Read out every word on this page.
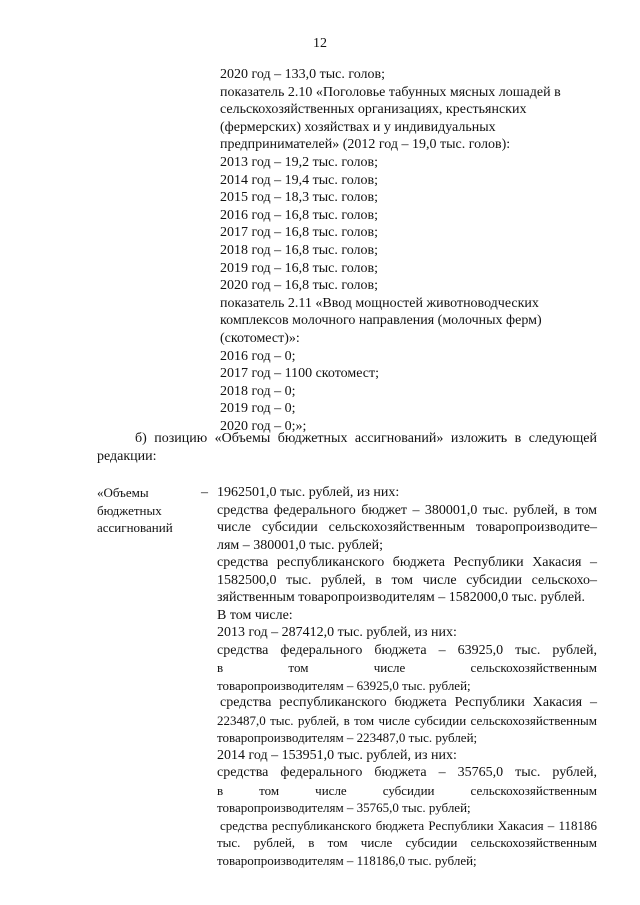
12
2020 год – 133,0 тыс. голов;
показатель 2.10 «Поголовье табунных мясных лошадей в
сельскохозяйственных организациях, крестьянских
(фермерских) хозяйствах и у индивидуальных
предпринимателей» (2012 год – 19,0 тыс. голов):
2013 год – 19,2 тыс. голов;
2014 год – 19,4 тыс. голов;
2015 год – 18,3 тыс. голов;
2016 год – 16,8 тыс. голов;
2017 год – 16,8 тыс. голов;
2018 год – 16,8 тыс. голов;
2019 год – 16,8 тыс. голов;
2020 год – 16,8 тыс. голов;
показатель 2.11 «Ввод мощностей животноводческих
комплексов молочного направления (молочных ферм)
(скотомест)»:
2016 год – 0;
2017 год – 1100 скотомест;
2018 год – 0;
2019 год – 0;
2020 год – 0;»;
б) позицию «Объемы бюджетных ассигнований» изложить в следующей
редакции:
«Объемы
бюджетных
ассигнований
– 1962501,0 тыс. рублей, из них:
средства федерального бюджет – 380001,0 тыс. рублей, в том
числе субсидии сельскохозяйственным товаропроизводите–
лям – 380001,0 тыс. рублей;
средства республиканского бюджета Республики Хакасия –
1582500,0 тыс. рублей, в том числе субсидии сельскохо–
зяйственным товаропроизводителям – 1582000,0 тыс. рублей.
В том числе:
2013 год – 287412,0 тыс. рублей, из них:
средства федерального бюджета – 63925,0 тыс. рублей,
в том числе сельскохозяйственным
товаропроизводителям – 63925,0 тыс. рублей;
средства республиканского бюджета Республики Хакасия –
223487,0 тыс. рублей, в том числе субсидии сельскохозяйственным
товаропроизводителям – 223487,0 тыс. рублей;
2014 год – 153951,0 тыс. рублей, из них:
средства федерального бюджета – 35765,0 тыс. рублей,
в том числе субсидии сельскохозяйственным
товаропроизводителям – 35765,0 тыс. рублей;
средства республиканского бюджета Республики Хакасия – 118186
тыс. рублей, в том числе субсидии сельскохозяйственным
товаропроизводителям – 118186,0 тыс. рублей;
